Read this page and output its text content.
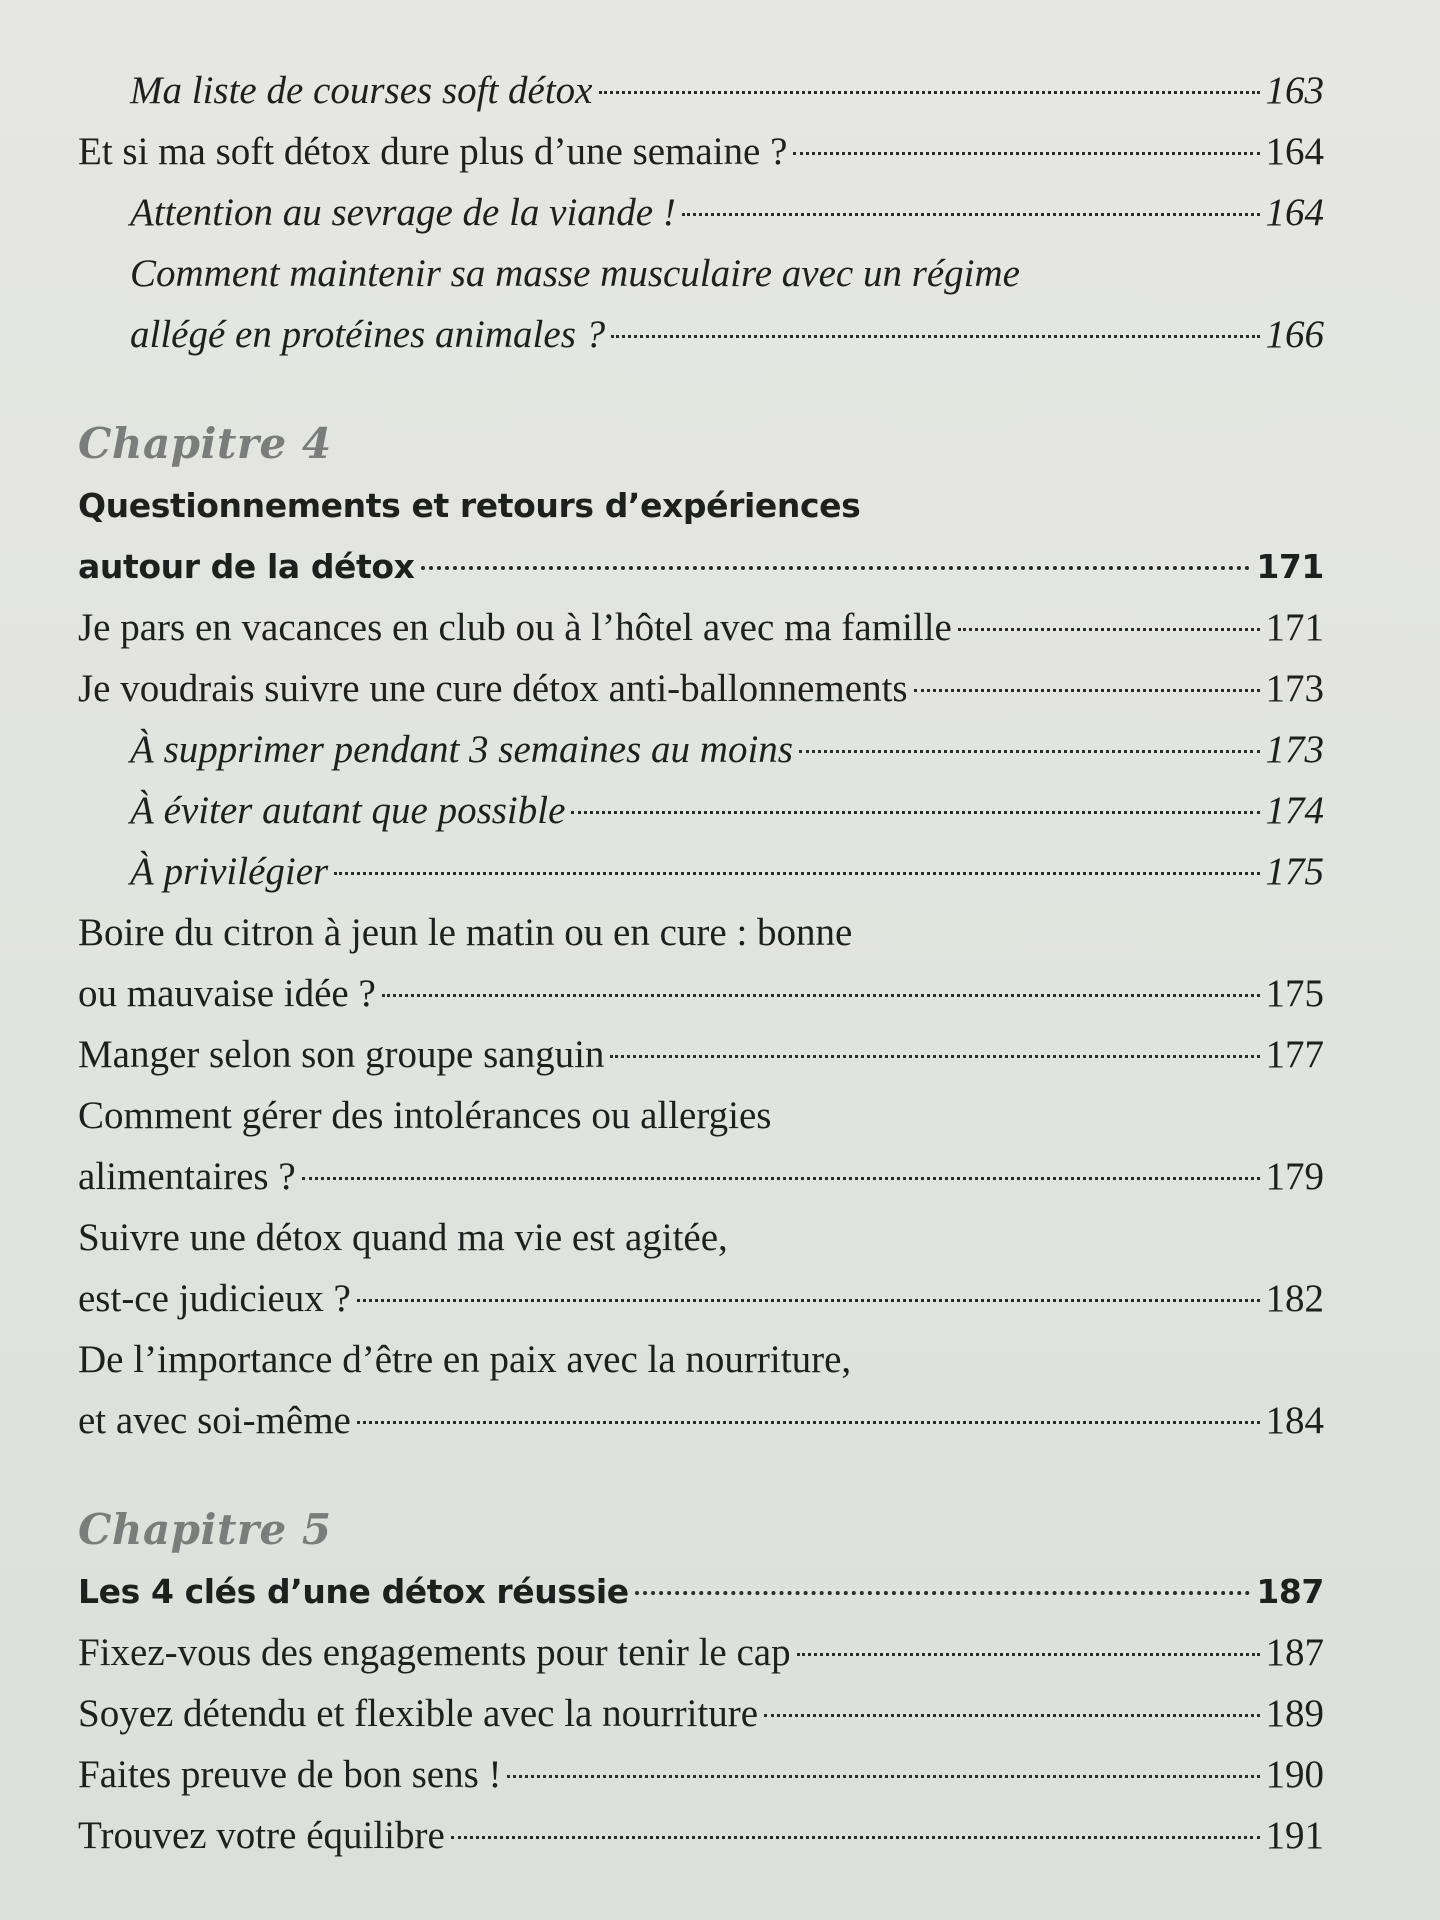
Ma liste de courses soft détox	163
Et si ma soft détox dure plus d’une semaine ?	164
Attention au sevrage de la viande !	164
Comment maintenir sa masse musculaire avec un régime
allégé en protéines animales ?	166
Chapitre 4
Questionnements et retours d’expériences
autour de la détox	171
Je pars en vacances en club ou à l’hôtel avec ma famille	171
Je voudrais suivre une cure détox anti-ballonnements	173
À supprimer pendant 3 semaines au moins	173
À éviter autant que possible	174
À privilégier	175
Boire du citron à jeun le matin ou en cure : bonne
ou mauvaise idée ?	175
Manger selon son groupe sanguin	177
Comment gérer des intolérances ou allergies
alimentaires ?	179
Suivre une détox quand ma vie est agitée,
est-ce judicieux ?	182
De l’importance d’être en paix avec la nourriture,
et avec soi-même	184
Chapitre 5
Les 4 clés d’une détox réussie	187
Fixez-vous des engagements pour tenir le cap	187
Soyez détendu et flexible avec la nourriture	189
Faites preuve de bon sens !	190
Trouvez votre équilibre	191
